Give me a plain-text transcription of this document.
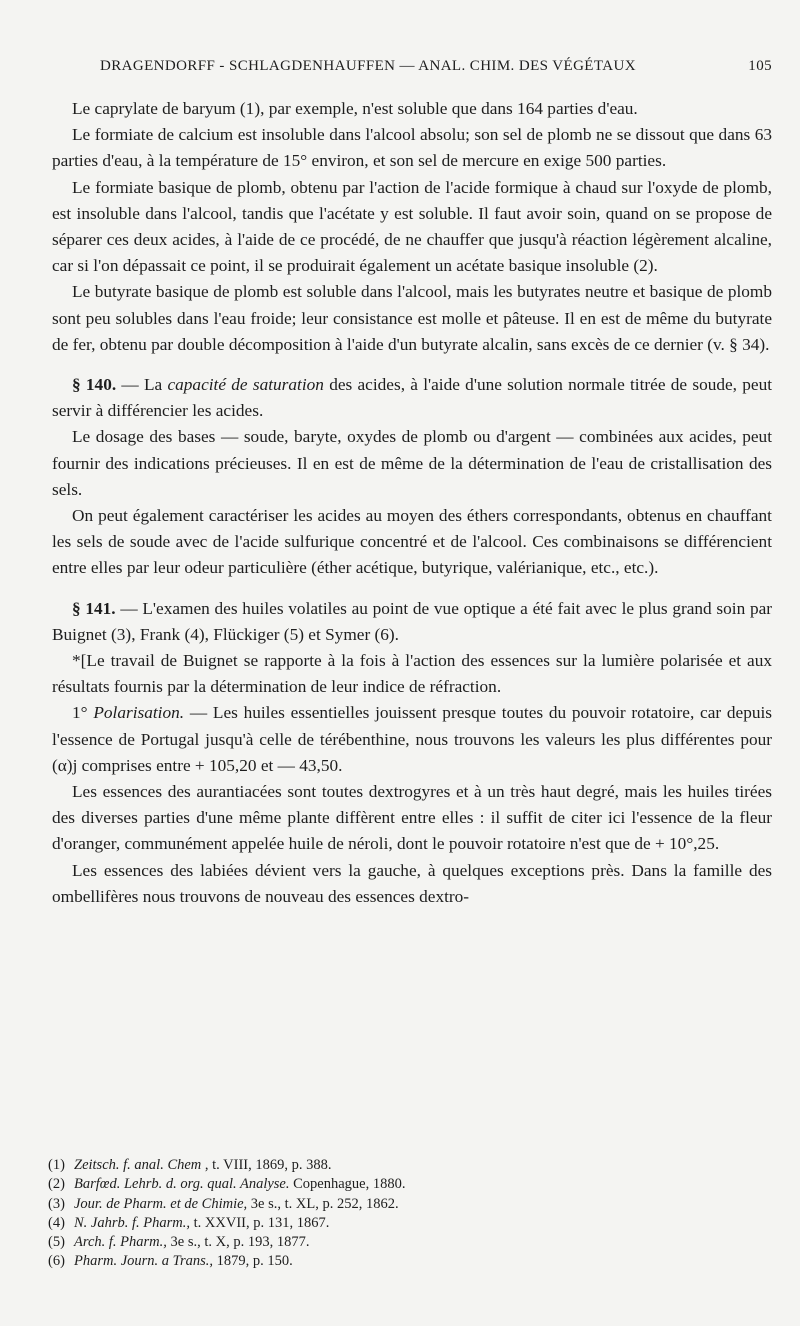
DRAGENDORFF - SCHLAGDENHAUFFEN — ANAL. CHIM. DES VÉGÉTAUX	105

Le caprylate de baryum (1), par exemple, n'est soluble que dans 164 parties d'eau.

Le formiate de calcium est insoluble dans l'alcool absolu; son sel de plomb ne se dissout que dans 63 parties d'eau, à la température de 15° environ, et son sel de mercure en exige 500 parties.

Le formiate basique de plomb, obtenu par l'action de l'acide formique à chaud sur l'oxyde de plomb, est insoluble dans l'alcool, tandis que l'acétate y est soluble. Il faut avoir soin, quand on se propose de séparer ces deux acides, à l'aide de ce procédé, de ne chauffer que jusqu'à réaction légèrement alcaline, car si l'on dépassait ce point, il se produirait également un acétate basique insoluble (2).

Le butyrate basique de plomb est soluble dans l'alcool, mais les butyrates neutre et basique de plomb sont peu solubles dans l'eau froide; leur consistance est molle et pâteuse. Il en est de même du butyrate de fer, obtenu par double décomposition à l'aide d'un butyrate alcalin, sans excès de ce dernier (v. § 34).

§ 140. — La capacité de saturation des acides, à l'aide d'une solution normale titrée de soude, peut servir à différencier les acides.

Le dosage des bases — soude, baryte, oxydes de plomb ou d'argent — combinées aux acides, peut fournir des indications précieuses. Il en est de même de la détermination de l'eau de cristallisation des sels.

On peut également caractériser les acides au moyen des éthers correspondants, obtenus en chauffant les sels de soude avec de l'acide sulfurique concentré et de l'alcool. Ces combinaisons se différencient entre elles par leur odeur particulière (éther acétique, butyrique, valérianique, etc., etc.).

§ 141. — L'examen des huiles volatiles au point de vue optique a été fait avec le plus grand soin par Buignet (3), Frank (4), Flückiger (5) et Symer (6).

*[Le travail de Buignet se rapporte à la fois à l'action des essences sur la lumière polarisée et aux résultats fournis par la détermination de leur indice de réfraction.

1° Polarisation. — Les huiles essentielles jouissent presque toutes du pouvoir rotatoire, car depuis l'essence de Portugal jusqu'à celle de térébenthine, nous trouvons les valeurs les plus différentes pour (α)j comprises entre + 105,20 et — 43,50.

Les essences des aurantiacées sont toutes dextrogyres et à un très haut degré, mais les huiles tirées des diverses parties d'une même plante diffèrent entre elles : il suffit de citer ici l'essence de la fleur d'oranger, communément appelée huile de néroli, dont le pouvoir rotatoire n'est que de + 10°,25.

Les essences des labiées dévient vers la gauche, à quelques exceptions près. Dans la famille des ombellifères nous trouvons de nouveau des essences dextro-

(1) Zeitsch. f. anal. Chem , t. VIII, 1869, p. 388.

(2) Barfœd. Lehrb. d. org. qual. Analyse. Copenhague, 1880.

(3) Jour. de Pharm. et de Chimie, 3e s., t. XL, p. 252, 1862.

(4) N. Jahrb. f. Pharm., t. XXVII, p. 131, 1867.

(5) Arch. f. Pharm., 3e s., t. X, p. 193, 1877.

(6) Pharm. Journ. a Trans., 1879, p. 150.
